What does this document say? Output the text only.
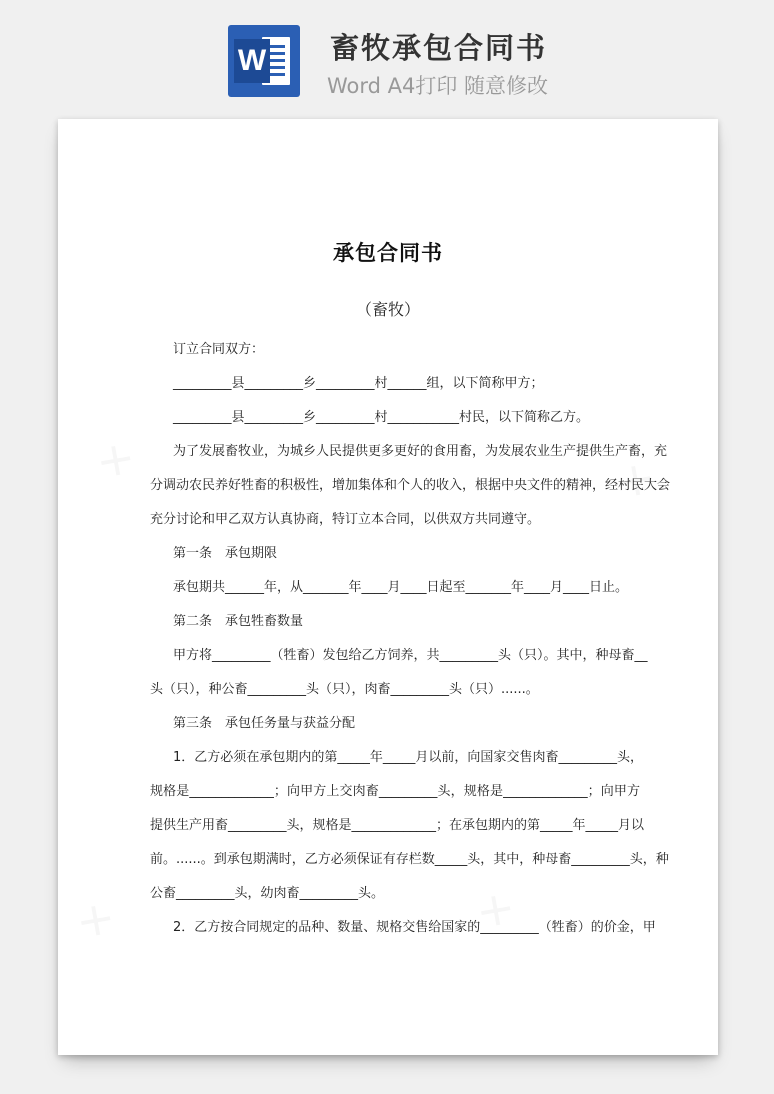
W 畜牧承包合同书
Word A4打印 随意修改
承包合同书
（畜牧）
订立合同双方：
_________县_________乡_________村______组，以下简称甲方；
_________县_________乡_________村___________村民，以下简称乙方。
为了发展畜牧业，为城乡人民提供更多更好的食用畜，为发展农业生产提供生产畜，充
分调动农民养好牲畜的积极性，增加集体和个人的收入，根据中央文件的精神，经村民大会
充分讨论和甲乙双方认真协商，特订立本合同，以供双方共同遵守。
第一条　承包期限
承包期共______年，从_______年____月____日起至_______年____月____日止。
第二条　承包牲畜数量
甲方将_________（牲畜）发包给乙方饲养，共_________头（只）。其中，种母畜__
头（只），种公畜_________头（只），肉畜_________头（只）......。
第三条　承包任务量与获益分配
1．乙方必须在承包期内的第_____年_____月以前，向国家交售肉畜_________头，
规格是_____________；向甲方上交肉畜_________头，规格是_____________；向甲方
提供生产用畜_________头，规格是_____________；在承包期内的第_____年_____月以
前。......。到承包期满时，乙方必须保证有存栏数_____头，其中，种母畜_________头，种
公畜_________头，幼肉畜_________头。
2．乙方按合同规定的品种、数量、规格交售给国家的_________（牲畜）的价金，甲
